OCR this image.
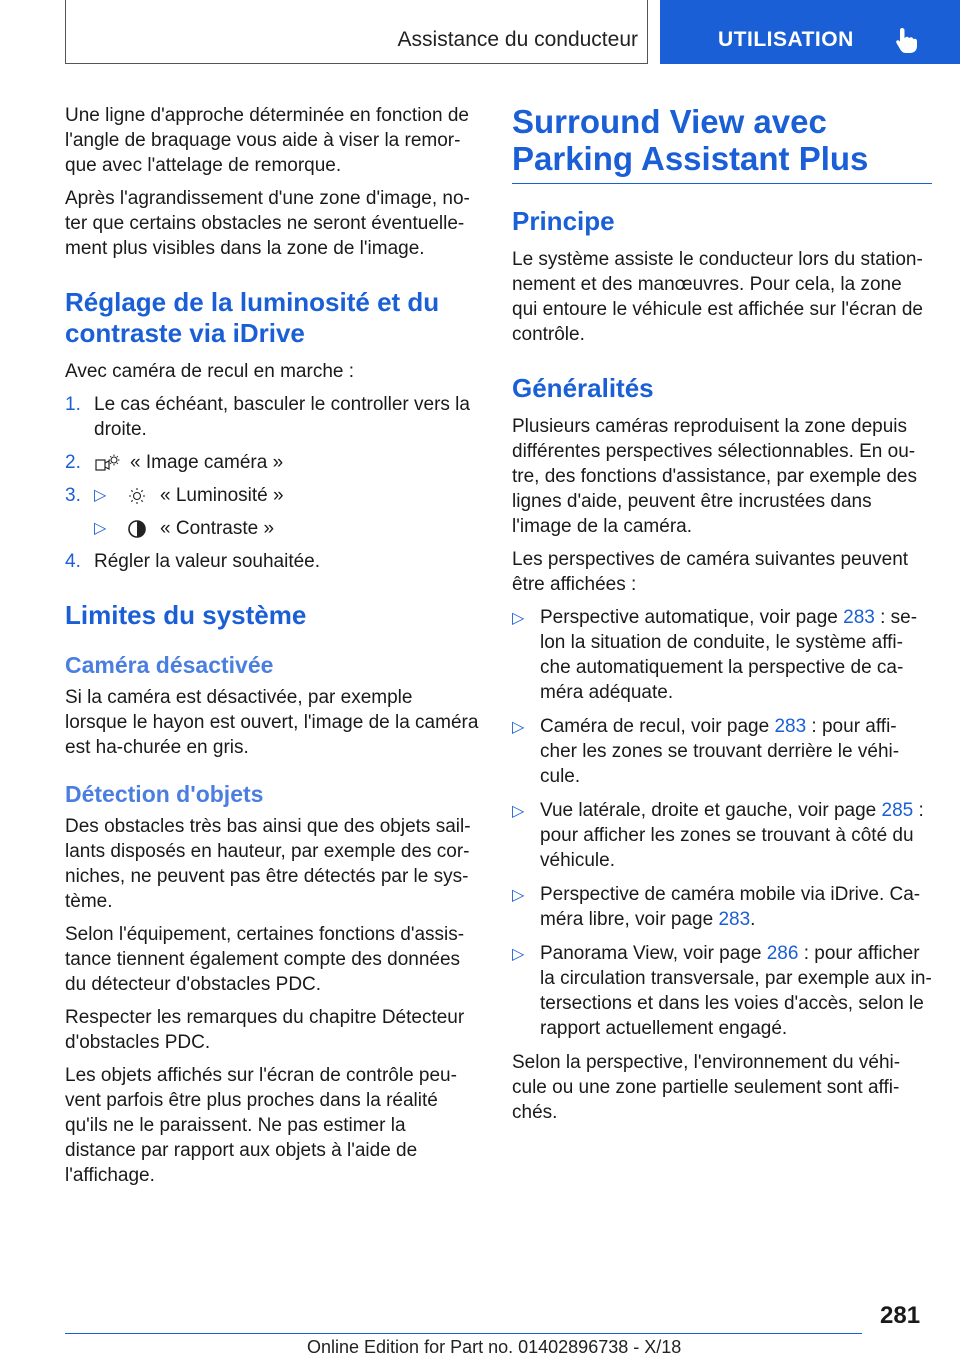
Assistance du conducteur	UTILISATION

Une ligne d'approche déterminée en fonction de l'angle de braquage vous aide à viser la remor-que avec l'attelage de remorque.

Après l'agrandissement d'une zone d'image, no-ter que certains obstacles ne seront éventuelle-ment plus visibles dans la zone de l'image.

Réglage de la luminosité et du contraste via iDrive

Avec caméra de recul en marche :

1. Le cas échéant, basculer le controller vers la droite.
2.	« Image caméra »
3. ▷	« Luminosité »
▷	« Contraste »
4. Régler la valeur souhaitée.
Limites du système
Caméra désactivée

Si la caméra est désactivée, par exemple lorsque le hayon est ouvert, l'image de la caméra est ha-churée en gris.

Détection d'objets

Des obstacles très bas ainsi que des objets sail-lants disposés en hauteur, par exemple des cor-niches, ne peuvent pas être détectés par le sys-tème.

Selon l'équipement, certaines fonctions d'assis-tance tiennent également compte des données du détecteur d'obstacles PDC.

Respecter les remarques du chapitre Détecteur d'obstacles PDC.

Les objets affichés sur l'écran de contrôle peu-vent parfois être plus proches dans la réalité qu'ils ne le paraissent. Ne pas estimer la distance par rapport aux objets à l'aide de l'affichage.

Surround View avec Parking Assistant Plus
Principe

Le système assiste le conducteur lors du station-nement et des manœuvres. Pour cela, la zone qui entoure le véhicule est affichée sur l'écran de contrôle.

Généralités

Plusieurs caméras reproduisent la zone depuis différentes perspectives sélectionnables. En ou-tre, des fonctions d'assistance, par exemple des lignes d'aide, peuvent être incrustées dans l'image de la caméra.

Les perspectives de caméra suivantes peuvent être affichées :

▷ Perspective automatique, voir page 283 : se-lon la situation de conduite, le système affi-che automatiquement la perspective de ca-méra adéquate.
▷ Caméra de recul, voir page 283 : pour affi-cher les zones se trouvant derrière le véhi-cule.
▷ Vue latérale, droite et gauche, voir page 285 : pour afficher les zones se trouvant à côté du véhicule.
▷ Perspective de caméra mobile via iDrive. Ca-méra libre, voir page 283.
▷ Panorama View, voir page 286 : pour afficher la circulation transversale, par exemple aux in-tersections et dans les voies d'accès, selon le rapport actuellement engagé.

Selon la perspective, l'environnement du véhi-cule ou une zone partielle seulement sont affi-chés.

281
Online Edition for Part no. 01402896738 - X/18
